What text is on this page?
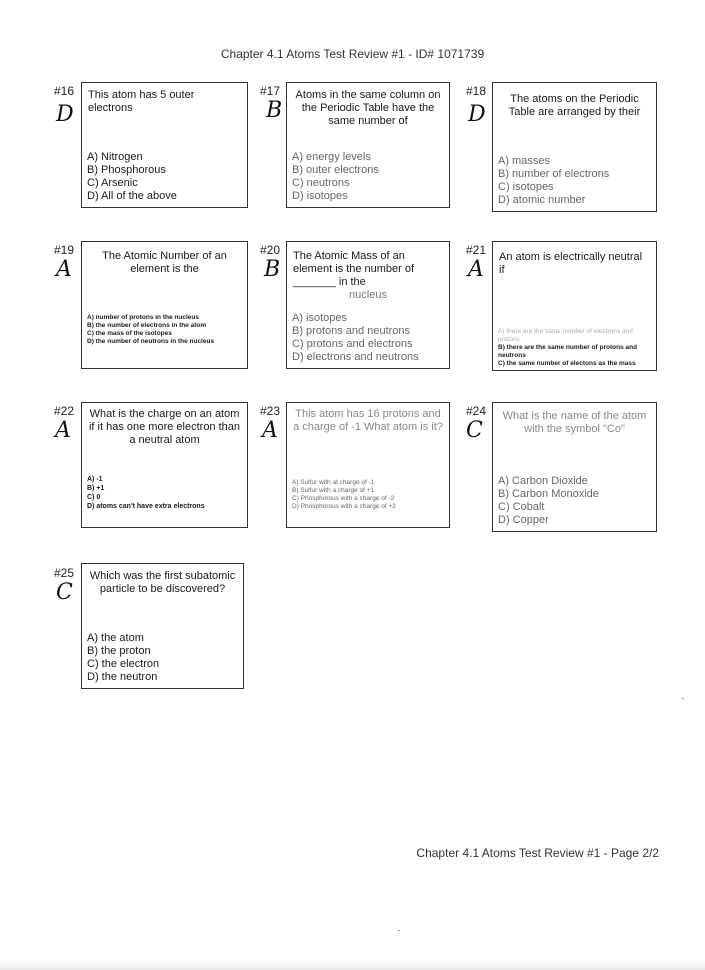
Chapter 4.1 Atoms Test Review #1 - ID# 1071739
#16
D
This atom has 5 outer electrons
A) Nitrogen
B) Phosphorous
C) Arsenic
D) All of the above
#17
B
Atoms in the same column on the Periodic Table have the same number of
A) energy levels
B) outer electrons
C) neutrons
D) isotopes
#18
D
The atoms on the Periodic Table are arranged by their
A) masses
B) number of electrons
C) isotopes
D) atomic number
#19
A
The Atomic Number of an element is the
A) number of protons in the nucleus
B) the number of electrons in the atom
C) the mass of the isotopes
D) the number of neutrons in the nucleus
#20
B
The Atomic Mass of an element is the number of _______ in the
nucleus
A) isotopes
B) protons and neutrons
C) protons and electrons
D) electrons and neutrons
#21
A An atom is electrically neutral if
A) there are the same number of electrons and protons
B) there are the same number of protons and neutrons
C) the same number of electons as the mass
#22
A
What is the charge on an atom if it has one more electron than a neutral atom
A) -1
B) +1
C) 0
D) atoms can't have extra electrons
#23
A
This atom has 16 protons and a charge of -1 What atom is it?
A) Sulfur with at charge of -1
B) Sulfur with a charge of +1
C) Phosphorous with a charge of -2
D) Phosphorous with a charge of +2
#24
C
What is the name of the atom with the symbol "Co"
A) Carbon Dioxide
B) Carbon Monoxide
C) Cobalt
D) Copper
#25
C
Which was the first subatomic particle to be discovered?
A) the atom
B) the proton
C) the electron
D) the neutron
Chapter 4.1 Atoms Test Review #1 - Page 2/2
